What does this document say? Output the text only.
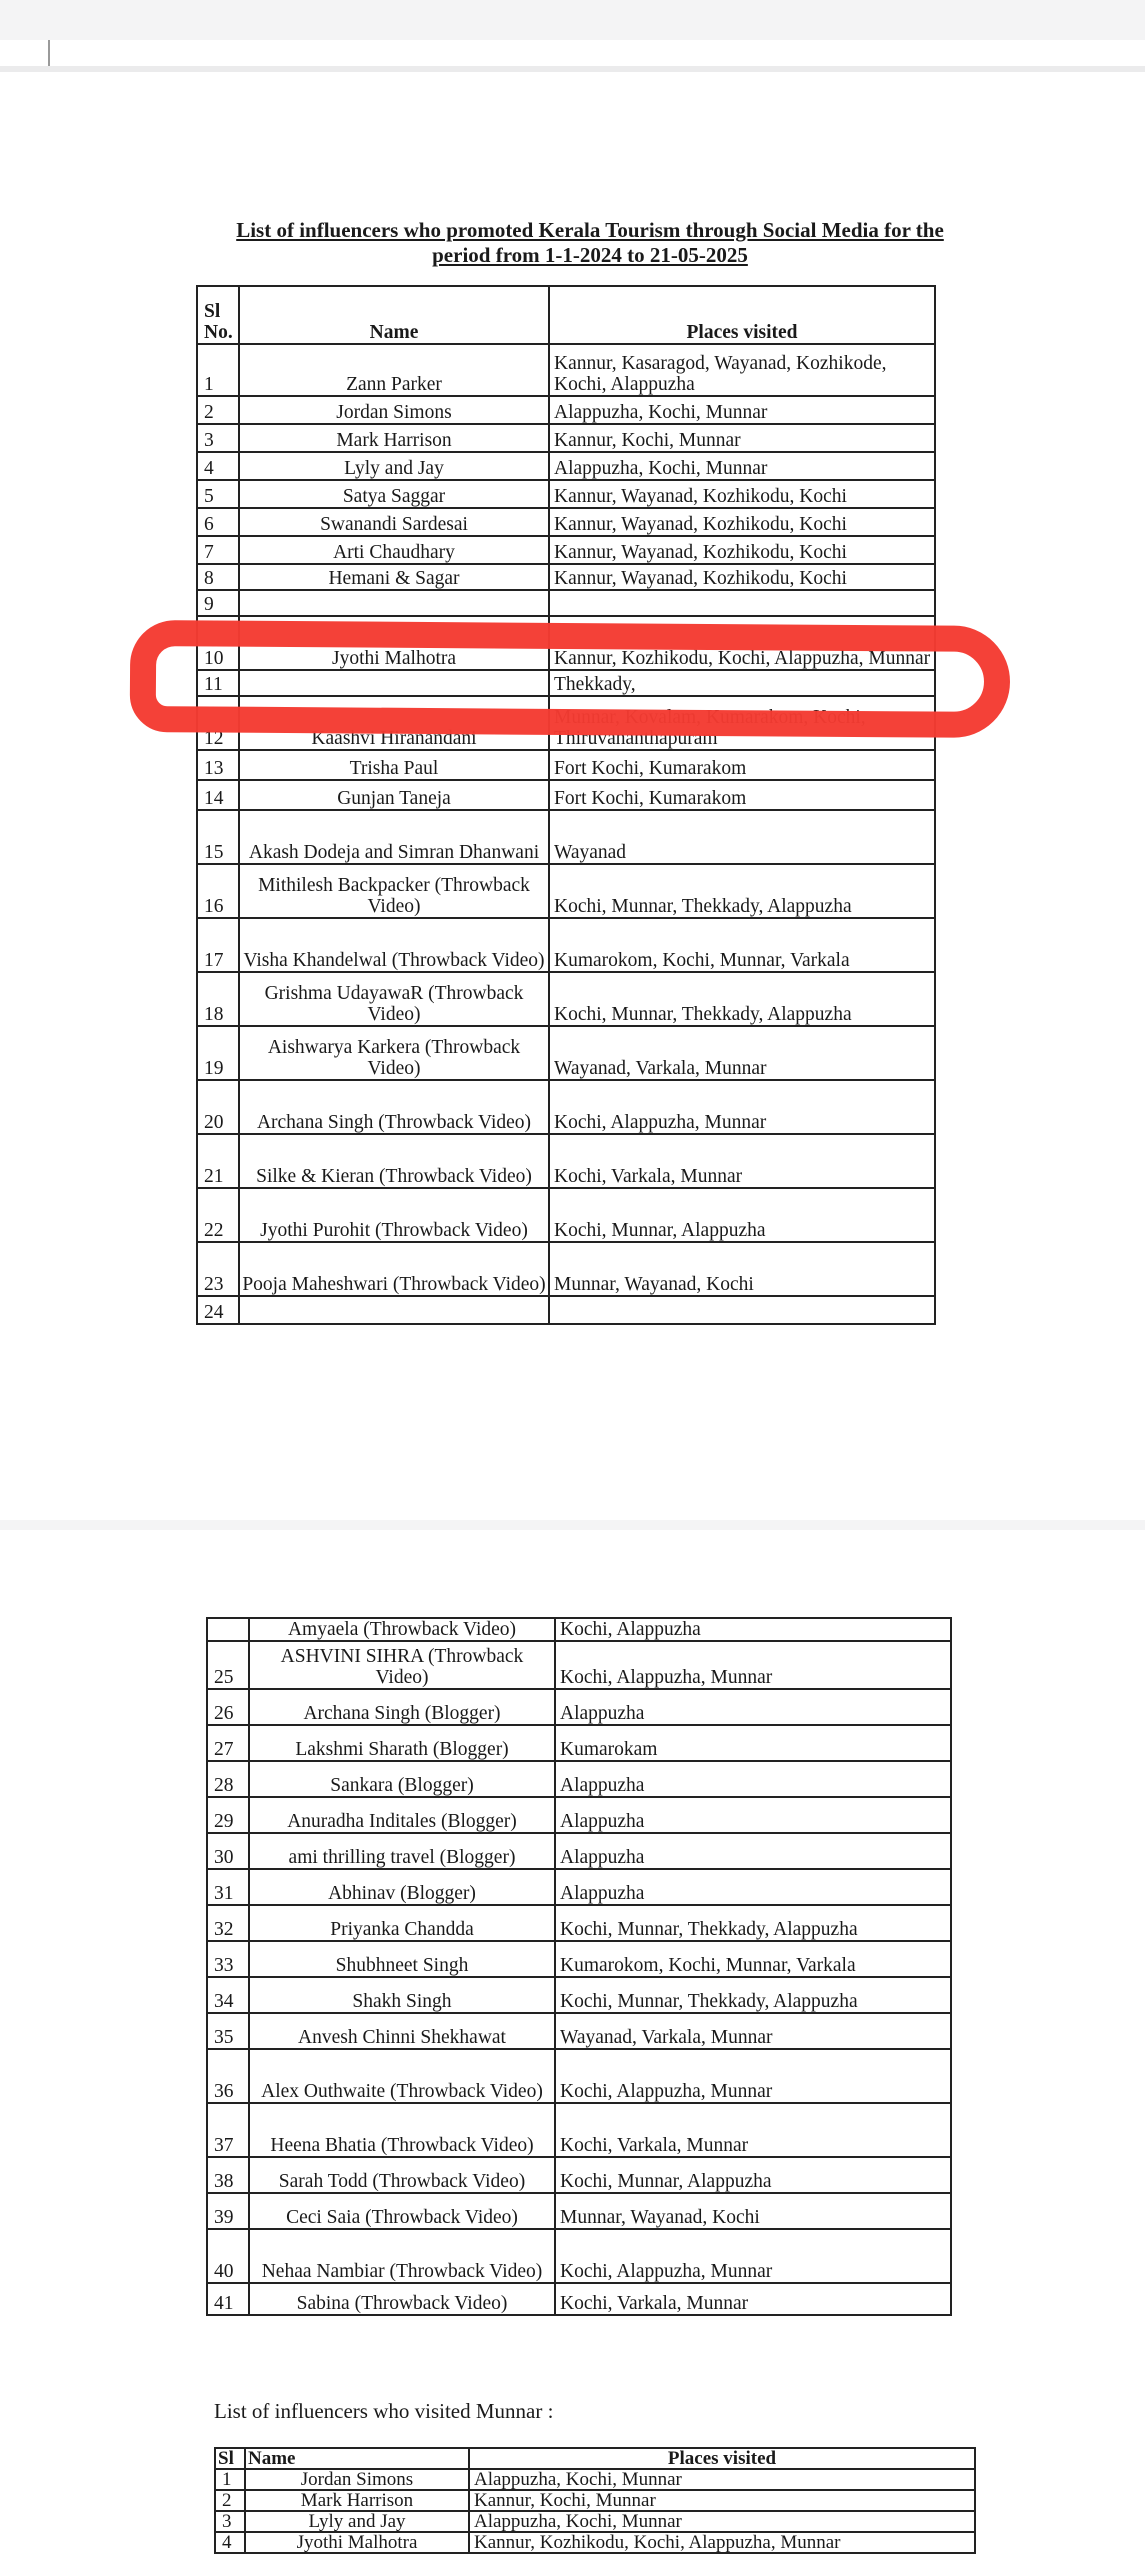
List of influencers who promoted Kerala Tourism through Social Media for the
period from 1-1-2024 to 21-05-2025
Sl
No.	Name	Places visited
1	Zann Parker	Kannur, Kasaragod, Wayanad, Kozhikode, Kochi, Alappuzha
2	Jordan Simons	Alappuzha, Kochi, Munnar
3	Mark Harrison	Kannur, Kochi, Munnar
4	Lyly and Jay	Alappuzha, Kochi, Munnar
5	Satya Saggar	Kannur, Wayanad, Kozhikodu, Kochi
6	Swanandi Sardesai	Kannur, Wayanad, Kozhikodu, Kochi
7	Arti Chaudhary	Kannur, Wayanad, Kozhikodu, Kochi
8	Hemani & Sagar	Kannur, Wayanad, Kozhikodu, Kochi
9		
10	Jyothi Malhotra	Kannur, Kozhikodu, Kochi, Alappuzha, Munnar
11		Thekkady,
12	Kaashvi Hiranandani	Munnar, Kovalam, Kumarakom, Kochi, Thiruvananthapuram
13	Trisha Paul	Fort Kochi, Kumarakom
14	Gunjan Taneja	Fort Kochi, Kumarakom
15	Akash Dodeja and Simran Dhanwani	Wayanad
16	Mithilesh Backpacker (Throwback Video)	Kochi, Munnar, Thekkady, Alappuzha
17	Visha Khandelwal (Throwback Video)	Kumarokom, Kochi, Munnar, Varkala
18	Grishma UdayawaR (Throwback Video)	Kochi, Munnar, Thekkady, Alappuzha
19	Aishwarya Karkera (Throwback Video)	Wayanad, Varkala, Munnar
20	Archana Singh (Throwback Video)	Kochi, Alappuzha, Munnar
21	Silke & Kieran (Throwback Video)	Kochi, Varkala, Munnar
22	Jyothi Purohit (Throwback Video)	Kochi, Munnar, Alappuzha
23	Pooja Maheshwari (Throwback Video)	Munnar, Wayanad, Kochi
24		
	Amyaela (Throwback Video)	Kochi, Alappuzha
25	ASHVINI SIHRA (Throwback Video)	Kochi, Alappuzha, Munnar
26	Archana Singh (Blogger)	Alappuzha
27	Lakshmi Sharath (Blogger)	Kumarokam
28	Sankara (Blogger)	Alappuzha
29	Anuradha Inditales (Blogger)	Alappuzha
30	ami thrilling travel (Blogger)	Alappuzha
31	Abhinav (Blogger)	Alappuzha
32	Priyanka Chandda	Kochi, Munnar, Thekkady, Alappuzha
33	Shubhneet Singh	Kumarokom, Kochi, Munnar, Varkala
34	Shakh Singh	Kochi, Munnar, Thekkady, Alappuzha
35	Anvesh Chinni Shekhawat	Wayanad, Varkala, Munnar
36	Alex Outhwaite (Throwback Video)	Kochi, Alappuzha, Munnar
37	Heena Bhatia (Throwback Video)	Kochi, Varkala, Munnar
38	Sarah Todd (Throwback Video)	Kochi, Munnar, Alappuzha
39	Ceci Saia (Throwback Video)	Munnar, Wayanad, Kochi
40	Nehaa Nambiar (Throwback Video)	Kochi, Alappuzha, Munnar
41	Sabina (Throwback Video)	Kochi, Varkala, Munnar
List of influencers who visited Munnar :
Sl	Name	Places visited
1	Jordan Simons	Alappuzha, Kochi, Munnar
2	Mark Harrison	Kannur, Kochi, Munnar
3	Lyly and Jay	Alappuzha, Kochi, Munnar
4	Jyothi Malhotra	Kannur, Kozhikodu, Kochi, Alappuzha, Munnar
